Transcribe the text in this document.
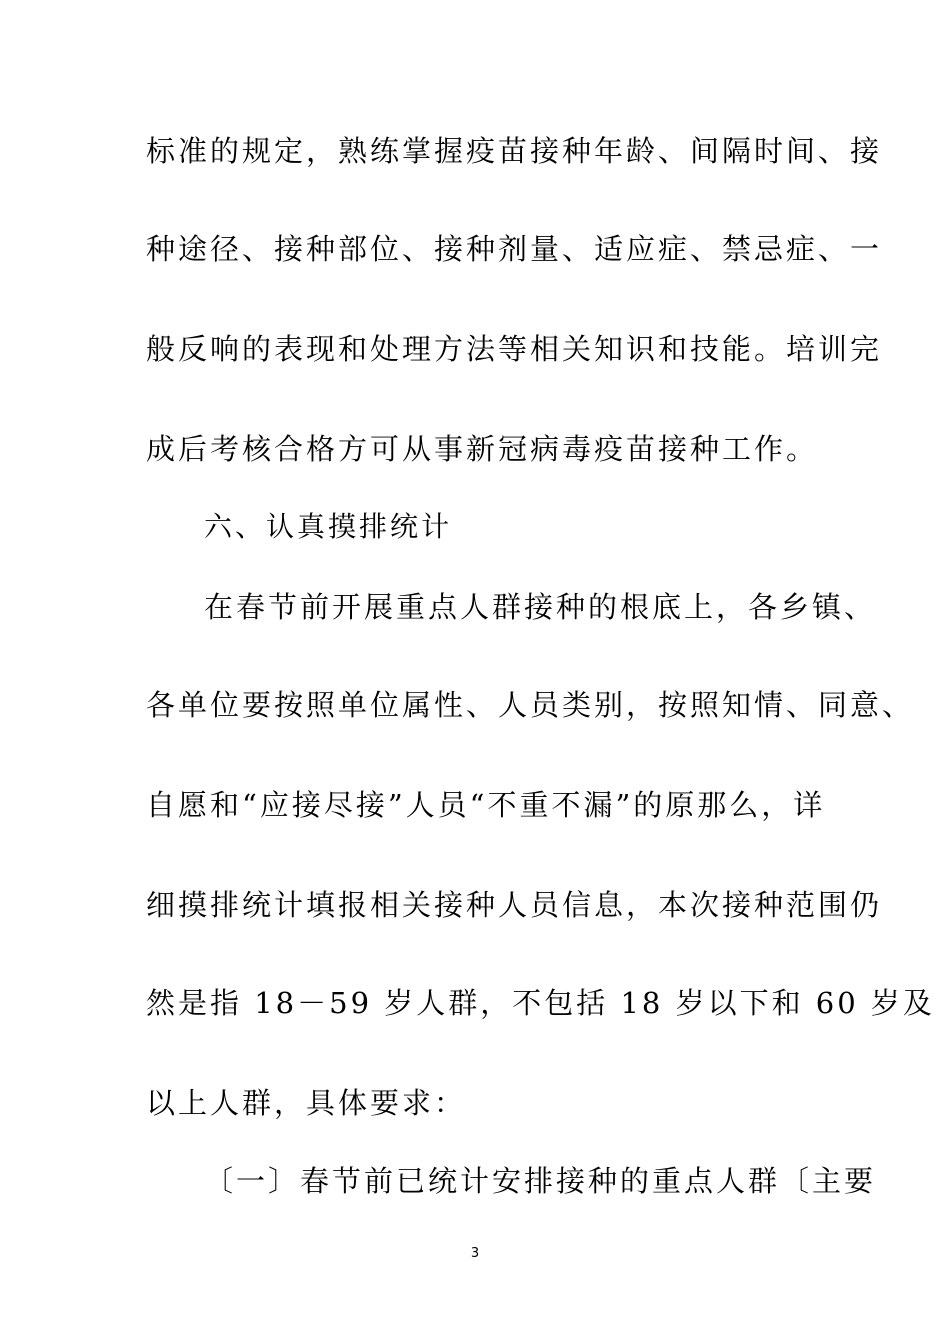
标准的规定，熟练掌握疫苗接种年龄、间隔时间、接
种途径、接种部位、接种剂量、适应症、禁忌症、一
般反响的表现和处理方法等相关知识和技能。培训完
成后考核合格方可从事新冠病毒疫苗接种工作。
六、认真摸排统计
在春节前开展重点人群接种的根底上，各乡镇、
各单位要按照单位属性、人员类别，按照知情、同意、
自愿和“应接尽接”人员“不重不漏”的原那么，详
细摸排统计填报相关接种人员信息，本次接种范围仍
然是指 18－59 岁人群，不包括 18 岁以下和 60 岁及
以上人群，具体要求：
〔一〕春节前已统计安排接种的重点人群〔主要
3
